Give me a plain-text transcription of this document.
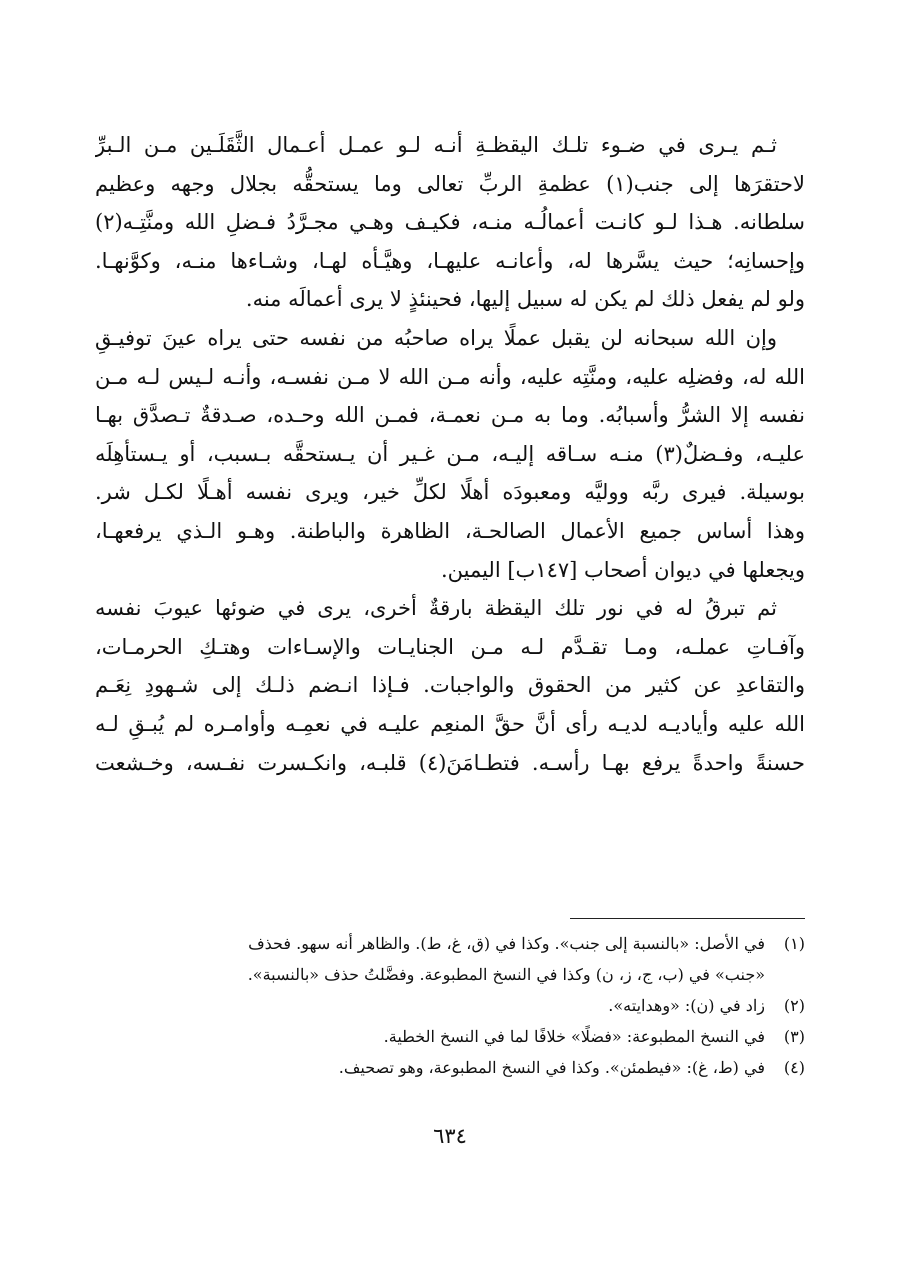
ثـم يـرى في ضـوء تلـك اليقظـةِ أنـه لـو عمـل أعـمال الثَّقَلَـين مـن الـبرِّ
لاحتقرَها إلى جنب(١) عظمةِ الربِّ تعالى وما يستحقُّه بجلال وجهه وعظيم
سلطانه. هـذا لـو كانـت أعمالُـه منـه، فكيـف وهـي مجـرَّدُ فـضلِ الله ومنَّتِـه(٢)
وإحسانِه؛ حيث يسَّرها له، وأعانـه عليهـا، وهيَّـأه لهـا، وشـاءها منـه، وكوَّنهـا.
ولو لم يفعل ذلك لم يكن له سبيل إليها، فحينئذٍ لا يرى أعمالَه منه.
وإن الله سبحانه لن يقبل عملًا يراه صاحبُه من نفسه حتى يراه عينَ توفيـقِ
الله له، وفضلِه عليه، ومنَّتِه عليه، وأنه مـن الله لا مـن نفسـه، وأنـه لـيس لـه مـن
نفسه إلا الشرُّ وأسبابُه. وما به مـن نعمـة، فمـن الله وحـده، صـدقةٌ تـصدَّق بهـا
عليـه، وفـضلٌ(٣) منـه سـاقه إليـه، مـن غـير أن يـستحقَّه بـسبب، أو يـستأهِلَه
بوسيلة. فيرى ربَّه ووليَّه ومعبودَه أهلًا لكلِّ خير، ويرى نفسه أهـلًا لكـل شر.
وهذا أساس جميع الأعمال الصالحـة، الظاهرة والباطنة. وهـو الـذي يرفعهـا،
ويجعلها في ديوان أصحاب [١٤٧ب] اليمين.
ثم تبرقُ له في نور تلك اليقظة بارقةٌ أخرى، يرى في ضوئها عيوبَ نفسه
وآفـاتِ عملـه، ومـا تقـدَّم لـه مـن الجنايـات والإسـاءات وهتـكِ الحرمـات،
والتقاعدِ عن كثير من الحقوق والواجبات. فـإذا انـضم ذلـك إلى شـهودِ نِعَـم
الله عليه وأياديـه لديـه رأى أنَّ حقَّ المنعِم عليـه في نعمِـه وأوامـره لم يُبـقِ لـه
حسنةً واحدةً يرفع بهـا رأسـه. فتطـامَنَ(٤) قلبـه، وانكـسرت نفـسه، وخـشعت
(١)في الأصل: «بالنسبة إلى جنب». وكذا في (ق، غ، ط). والظاهر أنه سهو. فحذف
«جنب» في (ب، ج، ز، ن) وكذا في النسخ المطبوعة. وفضَّلتُ حذف «بالنسبة».
(٢)زاد في (ن): «وهدايته».
(٣)في النسخ المطبوعة: «فضلًا» خلافًا لما في النسخ الخطية.
(٤)في (ط، غ): «فيطمئن». وكذا في النسخ المطبوعة، وهو تصحيف.
٦٣٤
